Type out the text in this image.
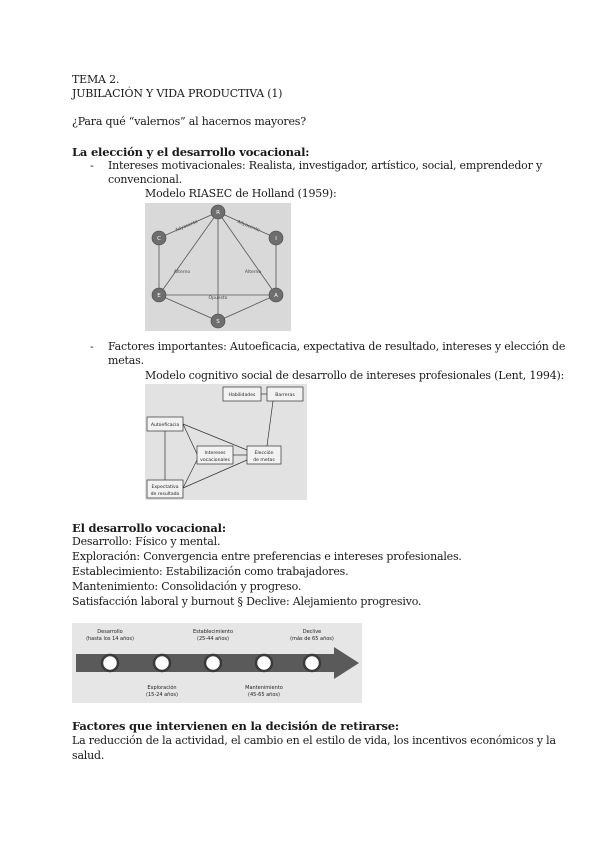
TEMA 2.
JUBILACIÓN Y VIDA PRODUCTIVA (1)
¿Para qué “valernos” al hacernos mayores?
La elección y el desarrollo vocacional:
- Intereses motivacionales: Realista, investigador, artístico, social, emprendedor y
convencional.
Modelo RIASEC de Holland (1959):
R
I
A
S
E
C
Adyacente	Adyacente
Alterno	Alterno
Opuesto
- Factores importantes: Autoeficacia, expectativa de resultado, intereses y elección de
metas.
Modelo cognitivo social de desarrollo de intereses profesionales (Lent, 1994):
Habilidades	Barreras
Autoeficacia
Intereses
vocacionales
Elección
de metas
Expectativa
de resultado
El desarrollo vocacional:
Desarrollo: Físico y mental.
Exploración: Convergencia entre preferencias e intereses profesionales.
Establecimiento: Estabilización como trabajadores.
Mantenimiento: Consolidación y progreso.
Satisfacción laboral y burnout § Declive: Alejamiento progresivo.
Desarrollo
(hasta los 14 años)
Establecimiento
(25-44 años)
Declive
(más de 65 años)
Exploración
(15-24 años)
Mantenimiento
(45-65 años)
Factores que intervienen en la decisión de retirarse:
La reducción de la actividad, el cambio en el estilo de vida, los incentivos económicos y la
salud.
